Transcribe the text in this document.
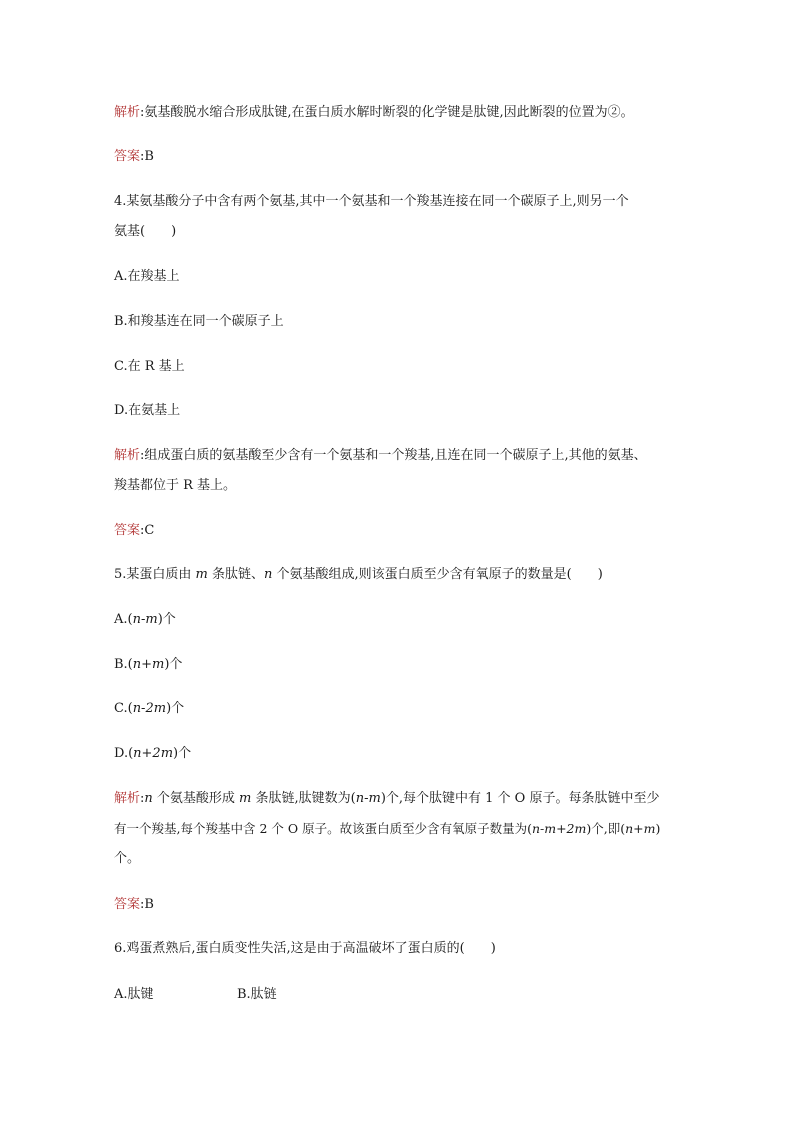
解析:氨基酸脱水缩合形成肽键,在蛋白质水解时断裂的化学键是肽键,因此断裂的位置为②。
答案:B
4.某氨基酸分子中含有两个氨基,其中一个氨基和一个羧基连接在同一个碳原子上,则另一个
氨基(　　)
A.在羧基上
B.和羧基连在同一个碳原子上
C.在 R 基上
D.在氨基上
解析:组成蛋白质的氨基酸至少含有一个氨基和一个羧基,且连在同一个碳原子上,其他的氨基、
羧基都位于 R 基上。
答案:C
5.某蛋白质由 m 条肽链、n 个氨基酸组成,则该蛋白质至少含有氧原子的数量是(　　)
A.(n-m)个
B.(n+m)个
C.(n-2m)个
D.(n+2m)个
解析:n 个氨基酸形成 m 条肽链,肽键数为(n-m)个,每个肽键中有 1 个 O 原子。每条肽链中至少
有一个羧基,每个羧基中含 2 个 O 原子。故该蛋白质至少含有氧原子数量为(n-m+2m)个,即(n+m)
个。
答案:B
6.鸡蛋煮熟后,蛋白质变性失活,这是由于高温破坏了蛋白质的(　　)
A.肽键	B.肽链
